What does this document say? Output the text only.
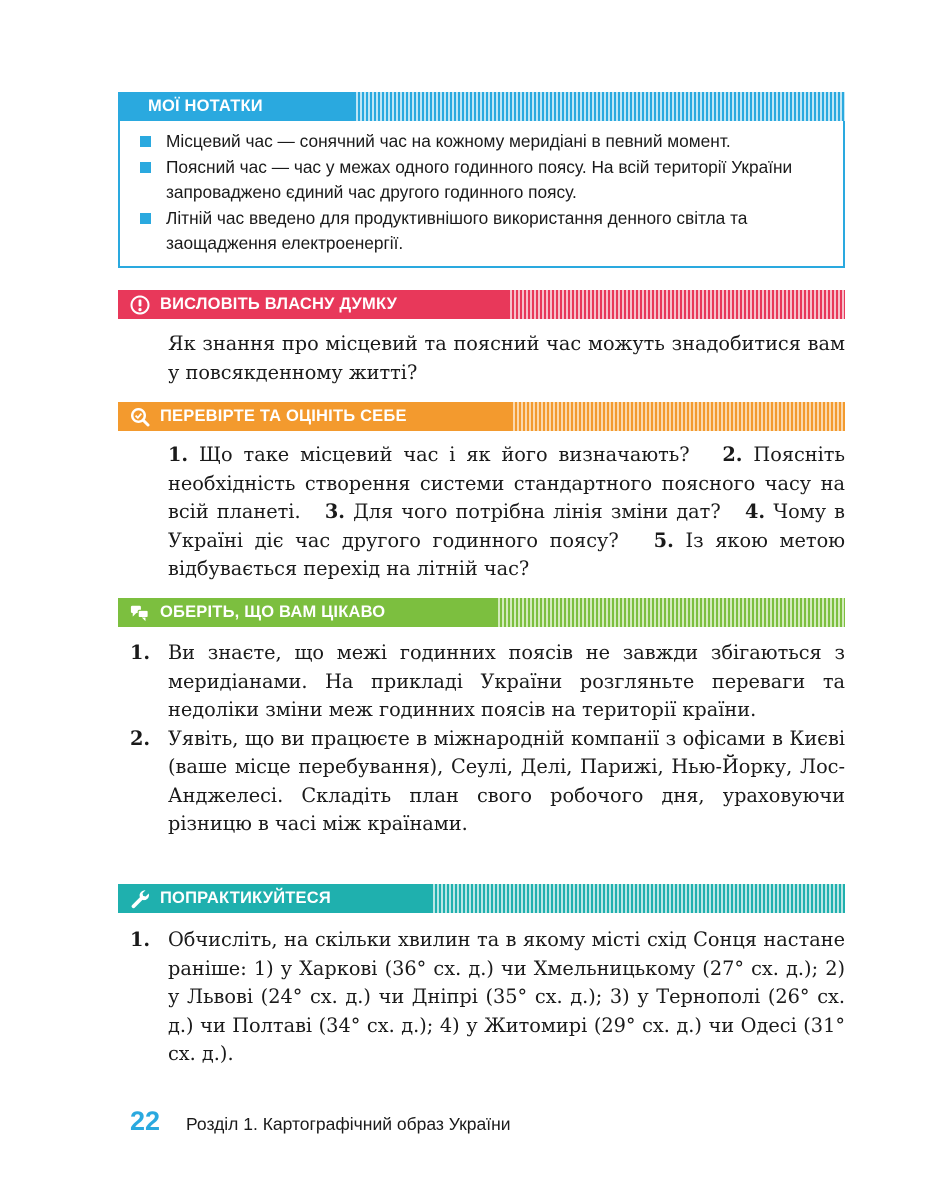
МОЇ НОТАТКИ
Місцевий час — сонячний час на кожному меридіані в певний момент.
Поясний час — час у межах одного годинного поясу. На всій території України запроваджено єдиний час другого годинного поясу.
Літній час введено для продуктивнішого використання денного світла та заощадження електроенергії.
ВИСЛОВІТЬ ВЛАСНУ ДУМКУ
Як знання про місцевий та поясний час можуть знадобитися вам у повсякденному житті?
ПЕРЕВІРТЕ ТА ОЦІНІТЬ СЕБЕ
1. Що таке місцевий час і як його визначають? 2. Поясніть необхідність створення системи стандартного поясного часу на всій планеті. 3. Для чого потрібна лінія зміни дат? 4. Чому в Україні діє час другого годинного поясу? 5. Із якою метою відбувається перехід на літній час?
ОБЕРІТЬ, ЩО ВАМ ЦІКАВО
1. Ви знаєте, що межі годинних поясів не завжди збігаються з меридіанами. На прикладі України розгляньте переваги та недоліки зміни меж годинних поясів на території країни.
2. Уявіть, що ви працюєте в міжнародній компанії з офісами в Києві (ваше місце перебування), Сеулі, Делі, Парижі, Нью-Йорку, Лос-Анджелесі. Складіть план свого робочого дня, ураховуючи різницю в часі між країнами.
ПОПРАКТИКУЙТЕСЯ
1. Обчисліть, на скільки хвилин та в якому місті схід Сонця настане раніше: 1) у Харкові (36° сх. д.) чи Хмельницькому (27° сх. д.); 2) у Львові (24° сх. д.) чи Дніпрі (35° сх. д.); 3) у Тернополі (26° сх. д.) чи Полтаві (34° сх. д.); 4) у Житомирі (29° сх. д.) чи Одесі (31° сх. д.).
22 Розділ 1. Картографічний образ України
